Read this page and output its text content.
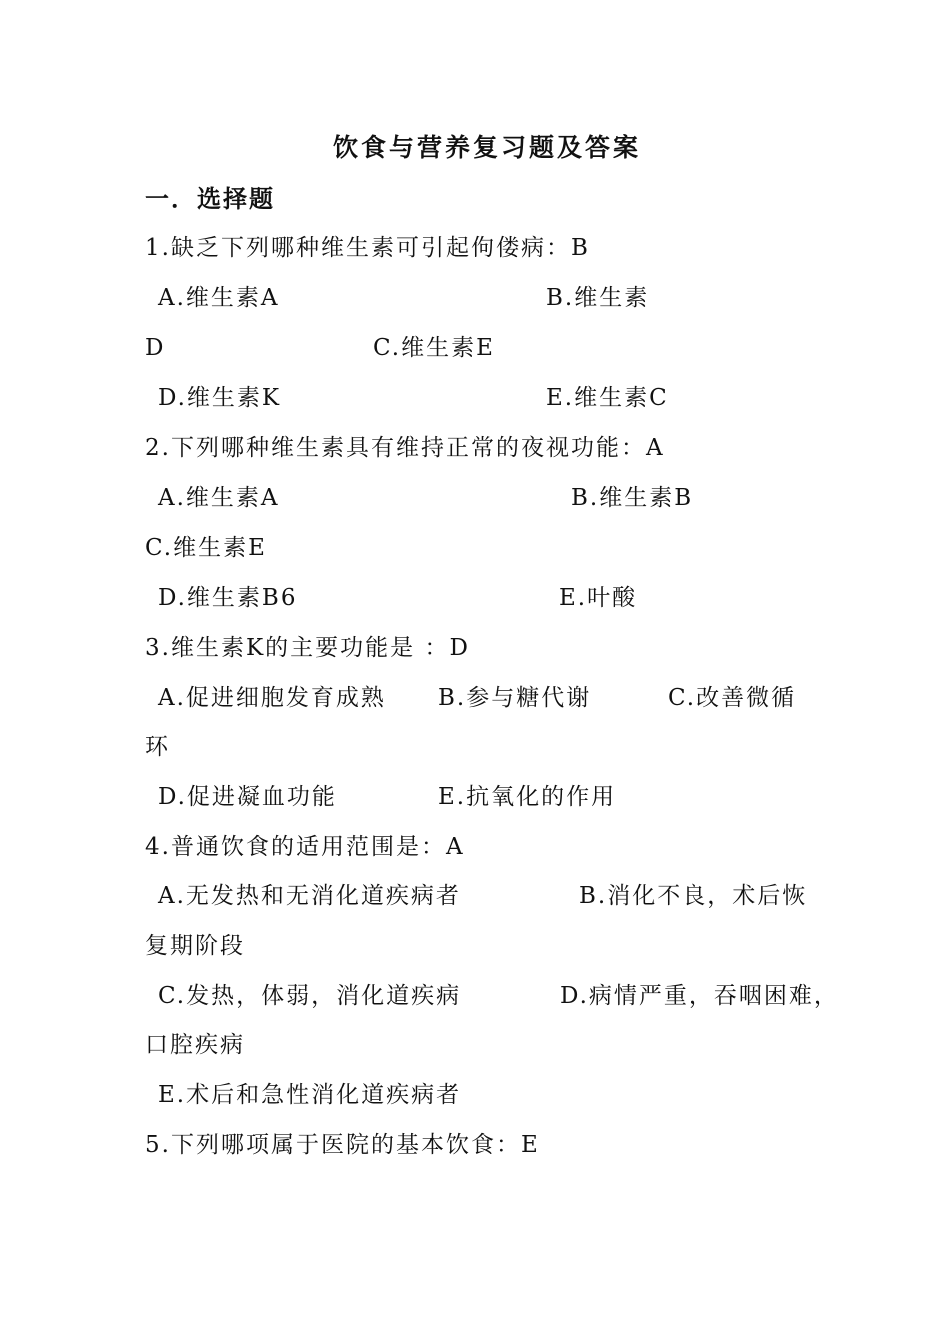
饮食与营养复习题及答案
一．选择题
1.缺乏下列哪种维生素可引起佝偻病：B
A.维生素A	B.维生素
D	C.维生素E
D.维生素K	E.维生素C
2.下列哪种维生素具有维持正常的夜视功能：A
A.维生素A	B.维生素B
C.维生素E
D.维生素B6	E.叶酸
3.维生素K的主要功能是 ：D
A.促进细胞发育成熟 B.参与糖代谢	C.改善微循
环
D.促进凝血功能	E.抗氧化的作用
4.普通饮食的适用范围是：A
A.无发热和无消化道疾病者	B.消化不良，术后恢
复期阶段
C.发热，体弱，消化道疾病	D.病情严重，吞咽困难，
口腔疾病
E.术后和急性消化道疾病者
5.下列哪项属于医院的基本饮食：E
